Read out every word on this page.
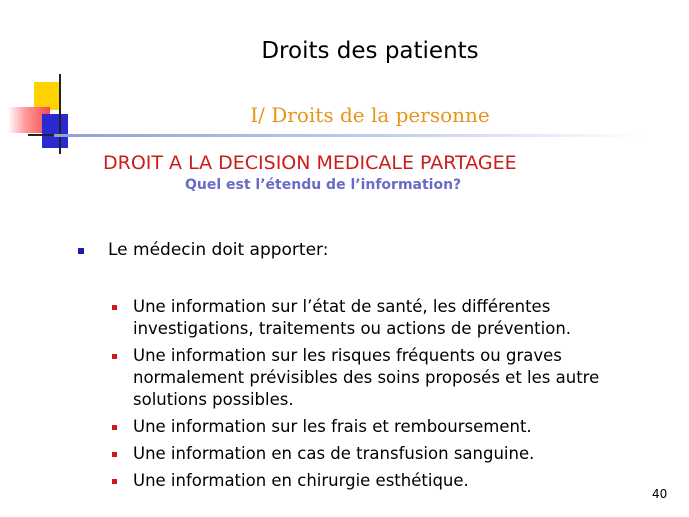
Droits des patients
I/ Droits de la personne
DROIT A LA DECISION MEDICALE PARTAGEE
Quel est l’étendu de l’information?
Le médecin doit apporter:
Une information sur l’état de santé, les différentes investigations, traitements ou actions de prévention.
Une information sur les risques fréquents ou graves normalement prévisibles des soins proposés et les autre solutions possibles.
Une information sur les frais et remboursement.
Une information en cas de transfusion sanguine.
Une information en chirurgie esthétique.
40
